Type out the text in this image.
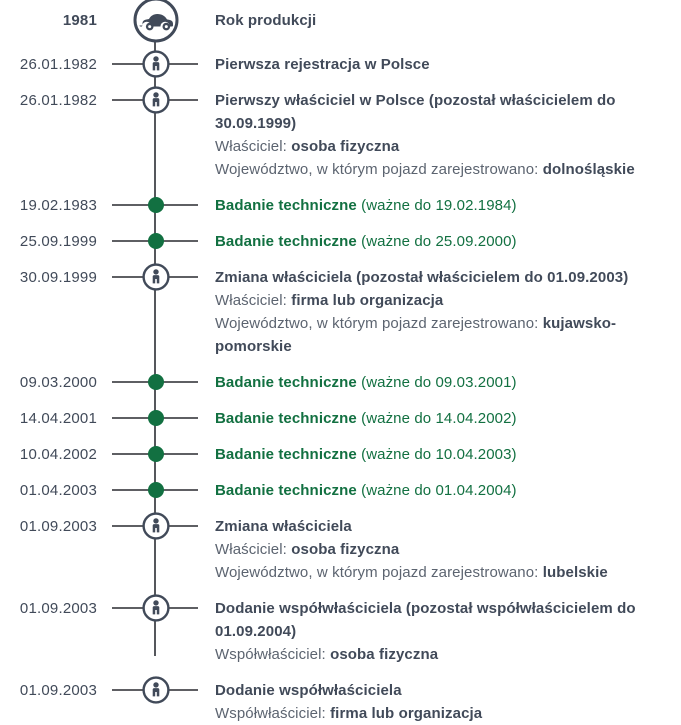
1981	Rok produkcji
26.01.1982	Pierwsza rejestracja w Polsce
26.01.1982	Pierwszy właściciel w Polsce (pozostał właścicielem do 30.09.1999)
Właściciel: osoba fizyczna
Województwo, w którym pojazd zarejestrowano: dolnośląskie
19.02.1983	Badanie techniczne (ważne do 19.02.1984)
25.09.1999	Badanie techniczne (ważne do 25.09.2000)
30.09.1999	Zmiana właściciela (pozostał właścicielem do 01.09.2003)
Właściciel: firma lub organizacja
Województwo, w którym pojazd zarejestrowano: kujawsko-pomorskie
09.03.2000	Badanie techniczne (ważne do 09.03.2001)
14.04.2001	Badanie techniczne (ważne do 14.04.2002)
10.04.2002	Badanie techniczne (ważne do 10.04.2003)
01.04.2003	Badanie techniczne (ważne do 01.04.2004)
01.09.2003	Zmiana właściciela
Właściciel: osoba fizyczna
Województwo, w którym pojazd zarejestrowano: lubelskie
01.09.2003	Dodanie współwłaściciela (pozostał współwłaścicielem do 01.09.2004)
Współwłaściciel: osoba fizyczna
01.09.2003	Dodanie współwłaściciela
Współwłaściciel: firma lub organizacja
